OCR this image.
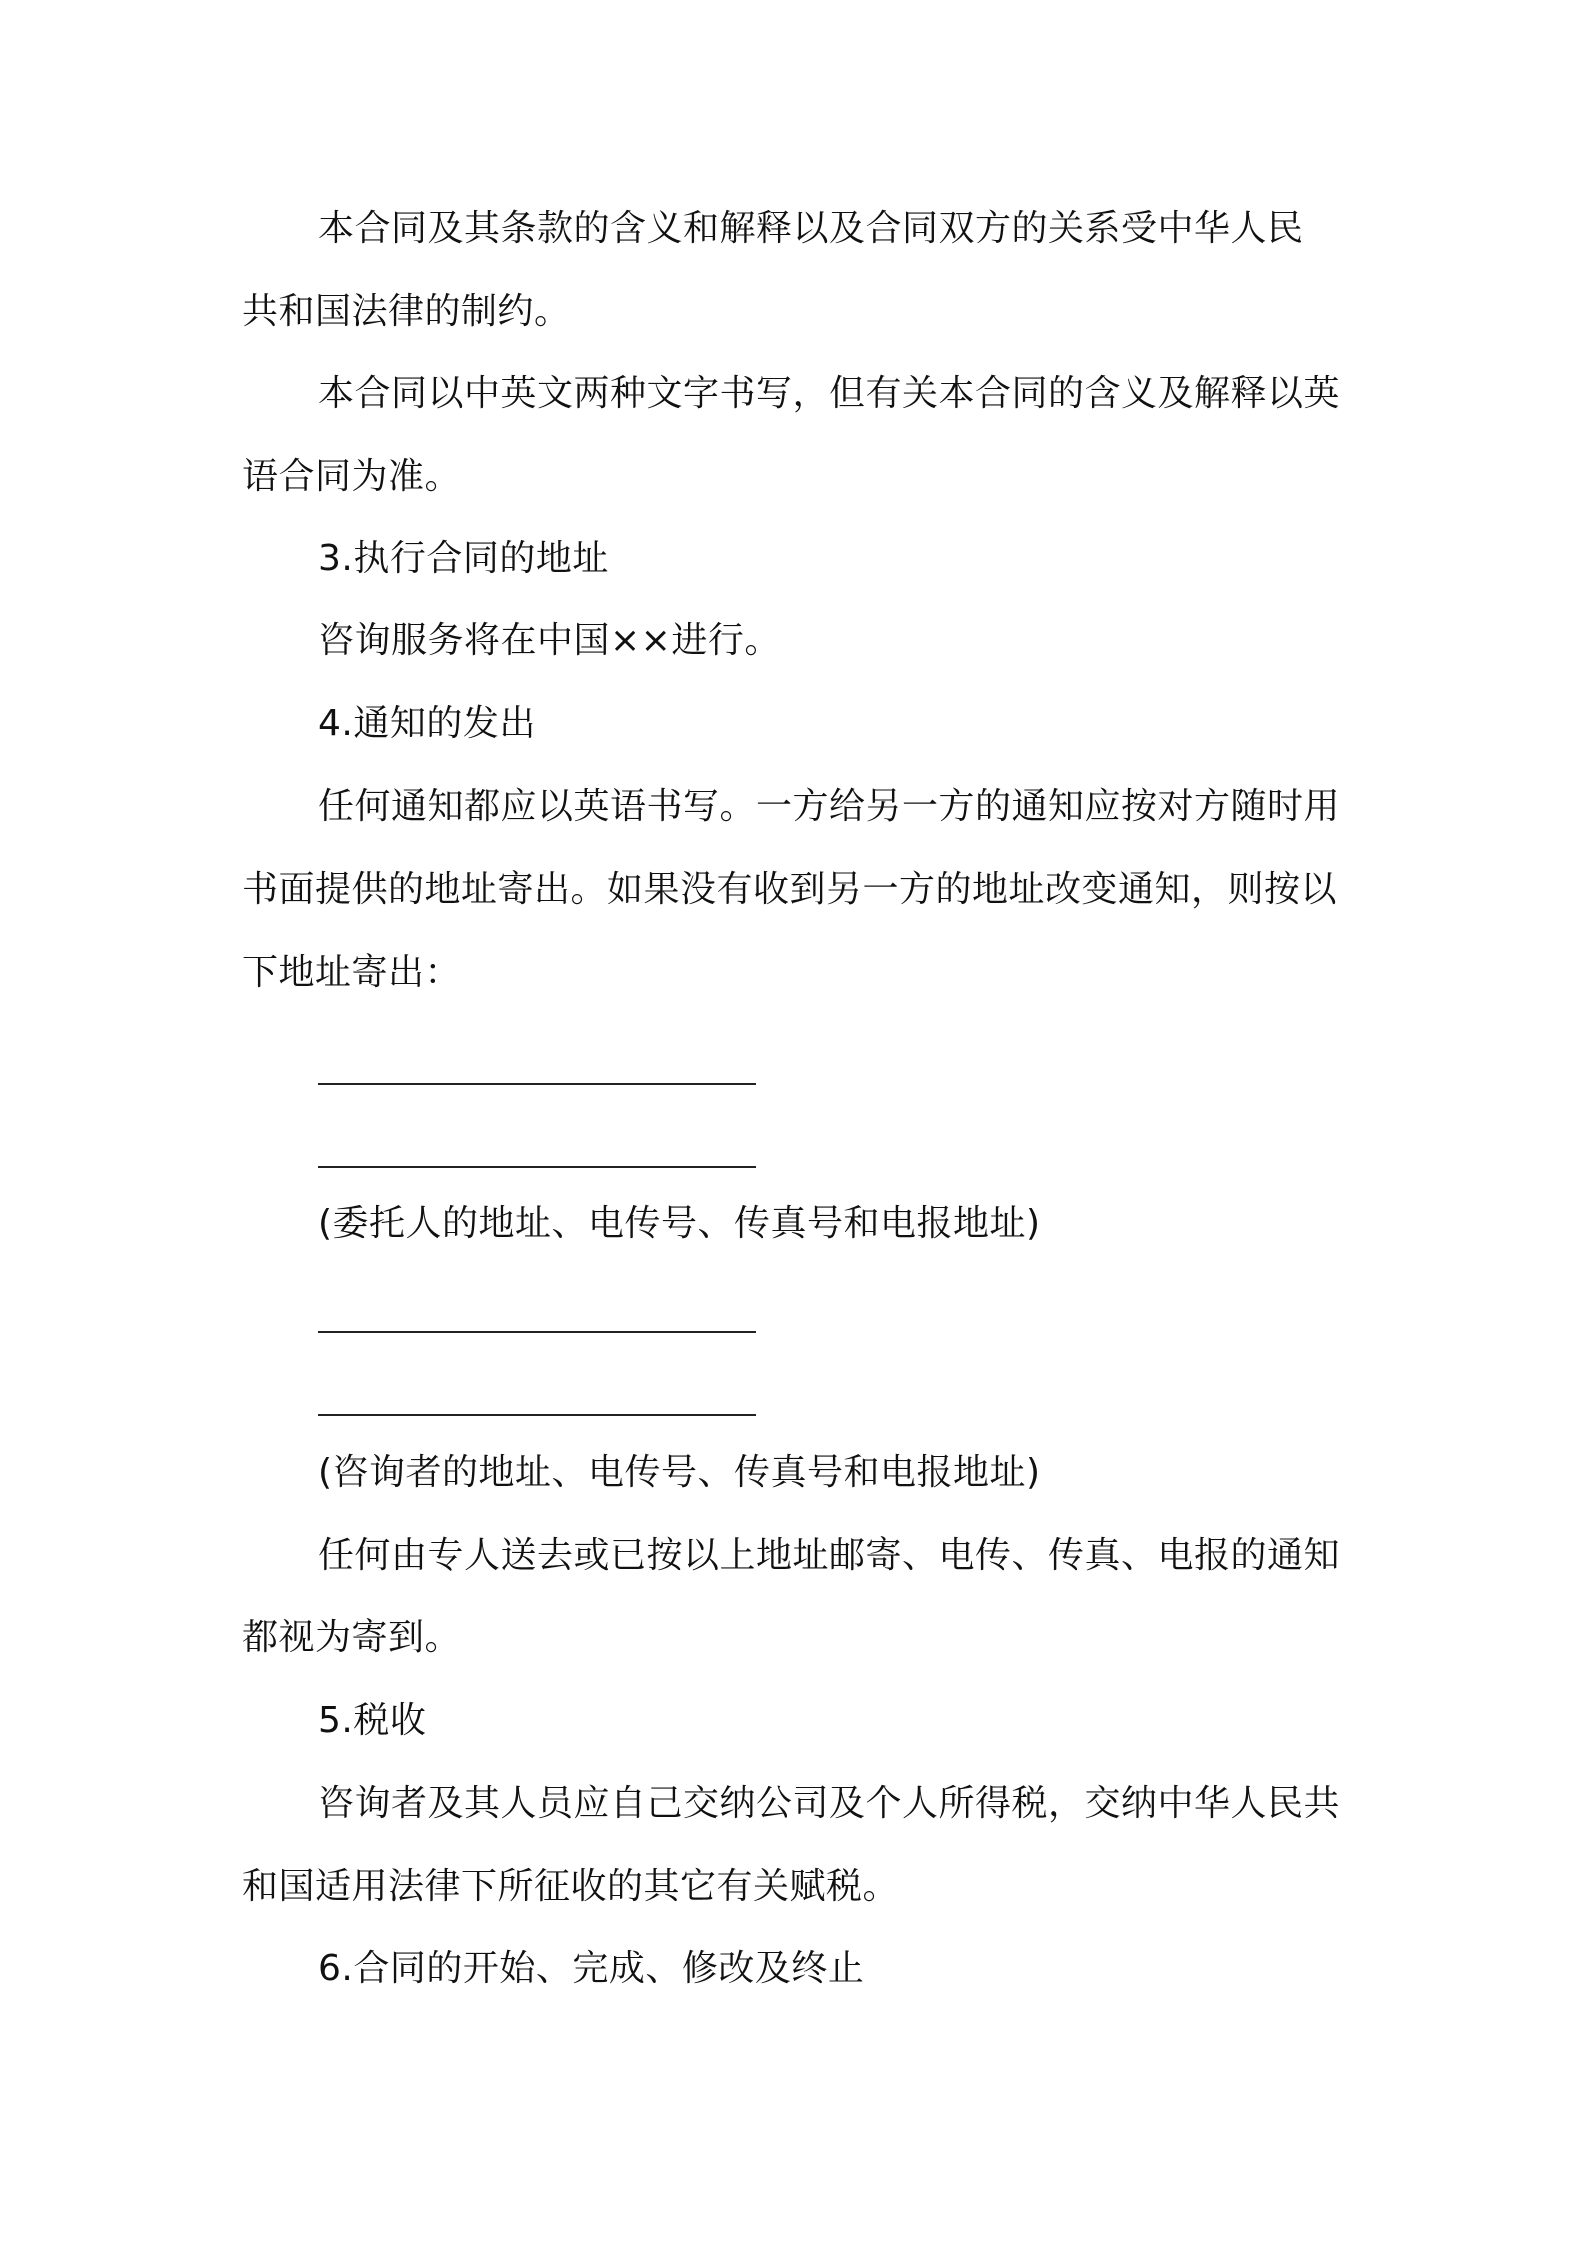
本合同及其条款的含义和解释以及合同双方的关系受中华人民
共和国法律的制约。
本合同以中英文两种文字书写，但有关本合同的含义及解释以英
语合同为准。
3.执行合同的地址
咨询服务将在中国××进行。
4.通知的发出
任何通知都应以英语书写。一方给另一方的通知应按对方随时用
书面提供的地址寄出。如果没有收到另一方的地址改变通知，则按以
下地址寄出：
(委托人的地址、电传号、传真号和电报地址)
(咨询者的地址、电传号、传真号和电报地址)
任何由专人送去或已按以上地址邮寄、电传、传真、电报的通知
都视为寄到。
5.税收
咨询者及其人员应自己交纳公司及个人所得税，交纳中华人民共
和国适用法律下所征收的其它有关赋税。
6.合同的开始、完成、修改及终止
